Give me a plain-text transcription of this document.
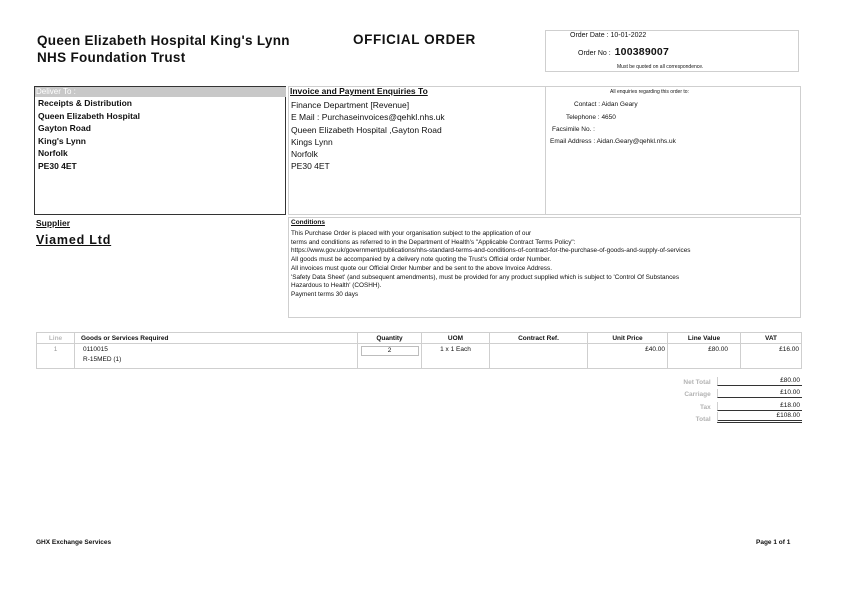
Queen Elizabeth Hospital King's Lynn NHS Foundation Trust
OFFICIAL ORDER	Order Date : 10-01-2022
Order No : 100389007
Must be quoted on all correspondence.
Deliver To :
Receipts & Distribution
Queen Elizabeth Hospital
Gayton Road
King's Lynn
Norfolk
PE30 4ET
Invoice and Payment Enquiries To
Finance Department [Revenue]
E Mail : Purchaseinvoices@qehkl.nhs.uk
Queen Elizabeth Hospital ,Gayton Road
Kings Lynn
Norfolk
PE30 4ET
All enquiries regarding this order to:
Contact : Aidan Geary
Telephone : 4650
Facsimile No. :
Email Address : Aidan.Geary@qehkl.nhs.uk
Supplier
Viamed Ltd
Conditions
This Purchase Order is placed with your organisation subject to the application of our
terms and conditions as referred to in the Department of Health's "Applicable Contract Terms Policy":
https://www.gov.uk/government/publications/nhs-standard-terms-and-conditions-of-contract-for-the-purchase-of-goods-and-supply-of-services
All goods must be accompanied by a delivery note quoting the Trust's Official order Number.
All invoices must quote our Official Order Number and be sent to the above Invoice Address.
'Safety Data Sheet' (and subsequent amendments), must be provided for any product supplied which is subject to 'Control Of Substances
Hazardous to Health' (COSHH).
Payment terms 30 days
Line	Goods or Services Required	Quantity	UOM	Contract Ref.	Unit Price	Line Value	VAT
1	0110015
R-15MED (1)	2	1 x 1 Each		£40.00	£80.00	£16.00
Net Total	£80.00
Carriage	£10.00
Tax	£18.00
Total
£108.00
GHX Exchange Services	Page 1 of 1
